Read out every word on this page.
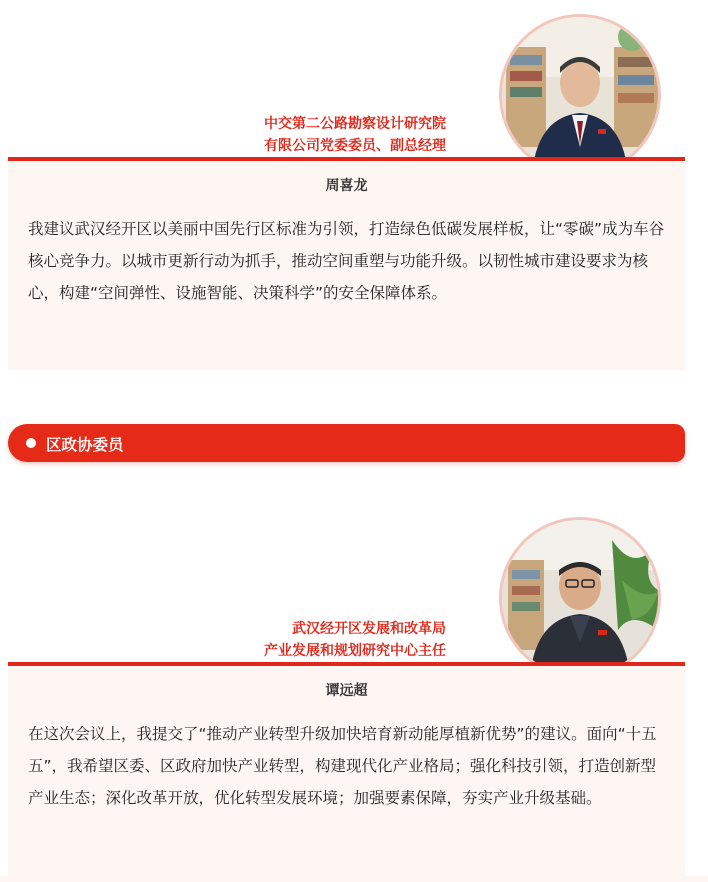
中交第二公路勘察设计研究院
有限公司党委委员、副总经理
周喜龙
我建议武汉经开区以美丽中国先行区标准为引领，打造绿色低碳发展样板，让“零碳”成为车谷核心竞争力。以城市更新行动为抓手，推动空间重塑与功能升级。以韧性城市建设要求为核心，构建“空间弹性、设施智能、决策科学”的安全保障体系。
区政协委员
武汉经开区发展和改革局
产业发展和规划研究中心主任
谭远超
在这次会议上，我提交了“推动产业转型升级加快培育新动能厚植新优势”的建议。面向“十五五”，我希望区委、区政府加快产业转型，构建现代化产业格局；强化科技引领，打造创新型产业生态；深化改革开放，优化转型发展环境；加强要素保障，夯实产业升级基础。
